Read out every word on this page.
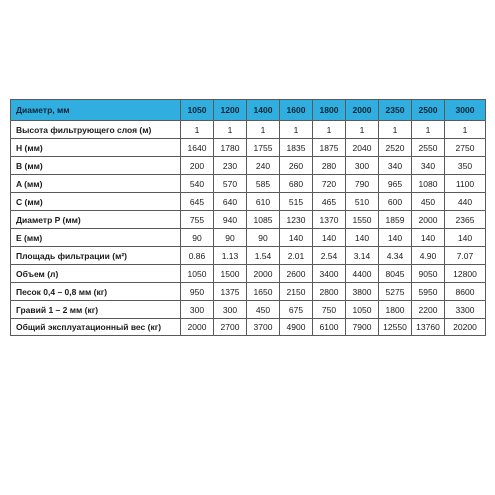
Диаметр, мм	1050	1200	1400	1600	1800	2000	2350	2500	3000
Высота фильтрующего слоя (м)	1	1	1	1	1	1	1	1	1
H (мм)	1640	1780	1755	1835	1875	2040	2520	2550	2750
B (мм)	200	230	240	260	280	300	340	340	350
A (мм)	540	570	585	680	720	790	965	1080	1100
C (мм)	645	640	610	515	465	510	600	450	440
Диаметр P (мм)	755	940	1085	1230	1370	1550	1859	2000	2365
E (мм)	90	90	90	140	140	140	140	140	140
Площадь фильтрации (м²)	0.86	1.13	1.54	2.01	2.54	3.14	4.34	4.90	7.07
Объем (л)	1050	1500	2000	2600	3400	4400	8045	9050	12800
Песок 0,4 – 0,8 мм (кг)	950	1375	1650	2150	2800	3800	5275	5950	8600
Гравий 1 – 2 мм (кг)	300	300	450	675	750	1050	1800	2200	3300
Общий эксплуатационный вес (кг)	2000	2700	3700	4900	6100	7900	12550	13760	20200
